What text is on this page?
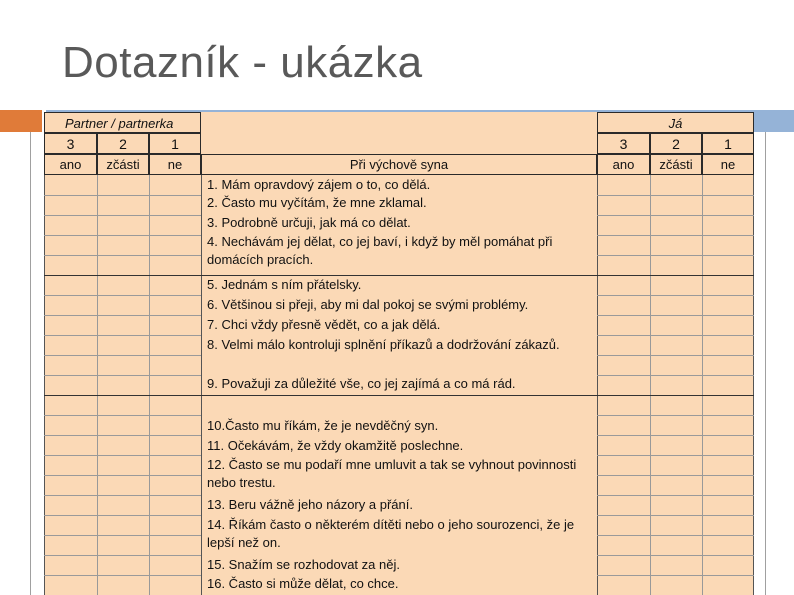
Dotazník - ukázka
Partner / partnerka	Já
3	2	1	3	2	1
ano	zčásti	ne	Při výchově syna	ano	zčásti	ne
1. Mám opravdový zájem o to, co dělá.
2. Často mu vyčítám, že mne zklamal.
3. Podrobně určuji, jak má co dělat.
4. Nechávám jej dělat, co jej baví, i když by měl pomáhat při domácích pracích.
5. Jednám s ním přátelsky.
6. Většinou si přeji, aby mi dal pokoj se svými problémy.
7. Chci vždy přesně vědět, co a jak dělá.
8. Velmi málo kontroluji splnění příkazů a dodržování zákazů.
9. Považuji za důležité vše, co jej zajímá a co má rád.
10.Často mu říkám, že je nevděčný syn.
11. Očekávám, že vždy okamžitě poslechne.
12. Často se mu podaří mne umluvit a tak se vyhnout povinnosti nebo trestu.
13. Beru vážně jeho názory a přání.
14. Říkám často o některém dítěti nebo o jeho sourozenci, že je lepší než on.
15. Snažím se rozhodovat za něj.
16. Často si může dělat, co chce.
